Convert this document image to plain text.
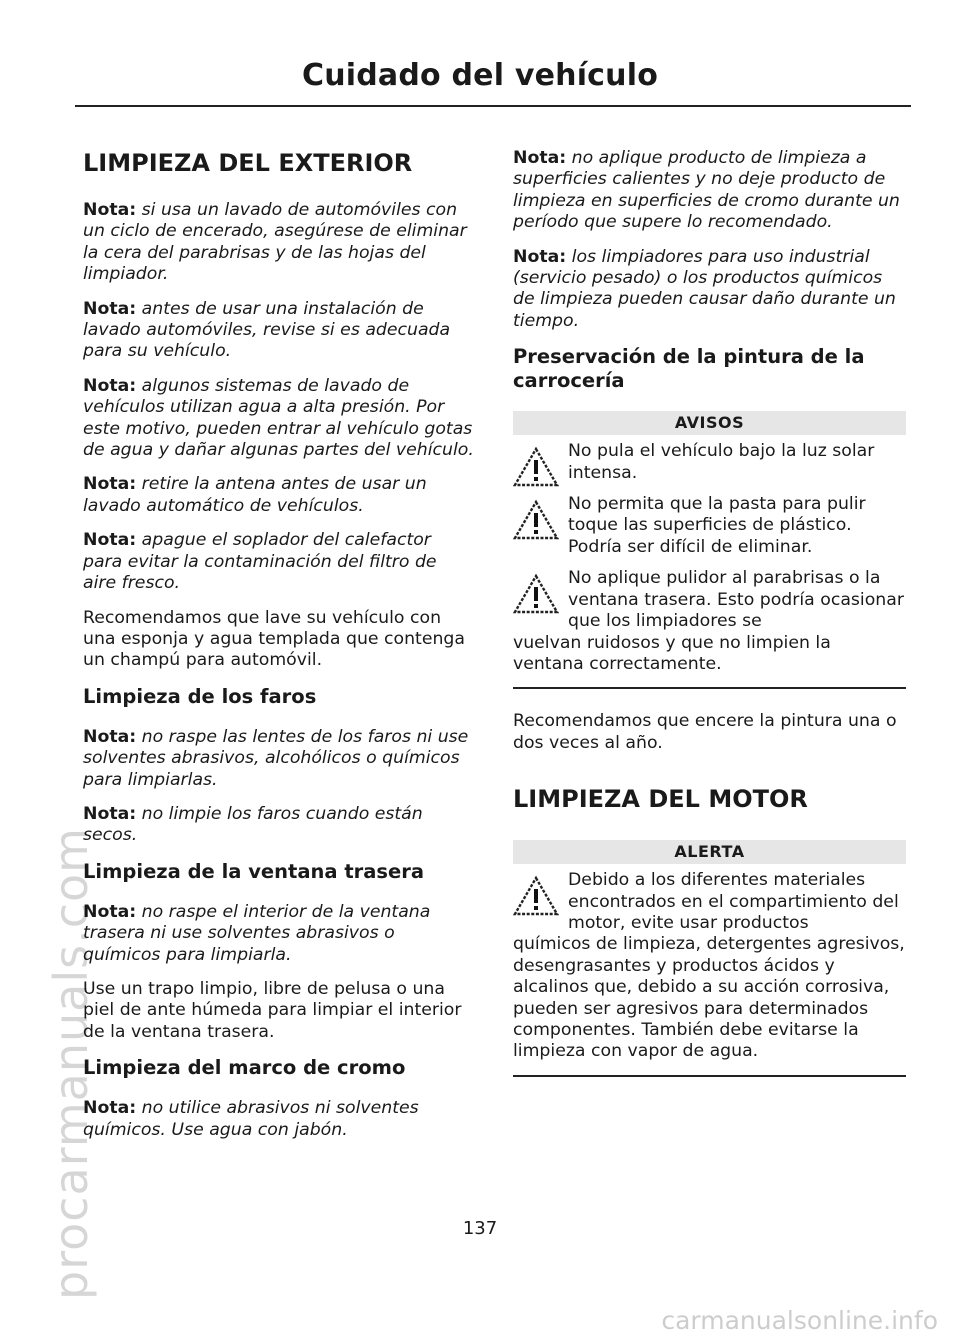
Cuidado del vehículo
LIMPIEZA DEL EXTERIOR

Nota: si usa un lavado de automóviles con un ciclo de encerado, asegúrese de eliminar la cera del parabrisas y de las hojas del limpiador.

Nota: antes de usar una instalación de lavado automóviles, revise si es adecuada para su vehículo.

Nota: algunos sistemas de lavado de vehículos utilizan agua a alta presión. Por este motivo, pueden entrar al vehículo gotas de agua y dañar algunas partes del vehículo.

Nota: retire la antena antes de usar un lavado automático de vehículos.

Nota: apague el soplador del calefactor para evitar la contaminación del filtro de aire fresco.

Recomendamos que lave su vehículo con una esponja y agua templada que contenga un champú para automóvil.

Limpieza de los faros

Nota: no raspe las lentes de los faros ni use solventes abrasivos, alcohólicos o químicos para limpiarlas.

Nota: no limpie los faros cuando están secos.

Limpieza de la ventana trasera

Nota: no raspe el interior de la ventana trasera ni use solventes abrasivos o químicos para limpiarla.

Use un trapo limpio, libre de pelusa o una piel de ante húmeda para limpiar el interior de la ventana trasera.

Limpieza del marco de cromo

Nota: no utilice abrasivos ni solventes químicos. Use agua con jabón.

Nota: no aplique producto de limpieza a superficies calientes y no deje producto de limpieza en superficies de cromo durante un período que supere lo recomendado.

Nota: los limpiadores para uso industrial (servicio pesado) o los productos químicos de limpieza pueden causar daño durante un tiempo.

Preservación de la pintura de la carrocería
AVISOS
No pula el vehículo bajo la luz solar intensa.
No permita que la pasta para pulir toque las superficies de plástico. Podría ser difícil de eliminar.
No aplique pulidor al parabrisas o la ventana trasera. Esto podría ocasionar que los limpiadores se
vuelvan ruidosos y que no limpien la ventana correctamente.

Recomendamos que encere la pintura una o dos veces al año.

LIMPIEZA DEL MOTOR
ALERTA
Debido a los diferentes materiales encontrados en el compartimiento del motor, evite usar productos
químicos de limpieza, detergentes agresivos, desengrasantes y productos ácidos y alcalinos que, debido a su acción corrosiva, pueden ser agresivos para determinados componentes. También debe evitarse la limpieza con vapor de agua.
137
procarmanuals.com
carmanualsonline.info
